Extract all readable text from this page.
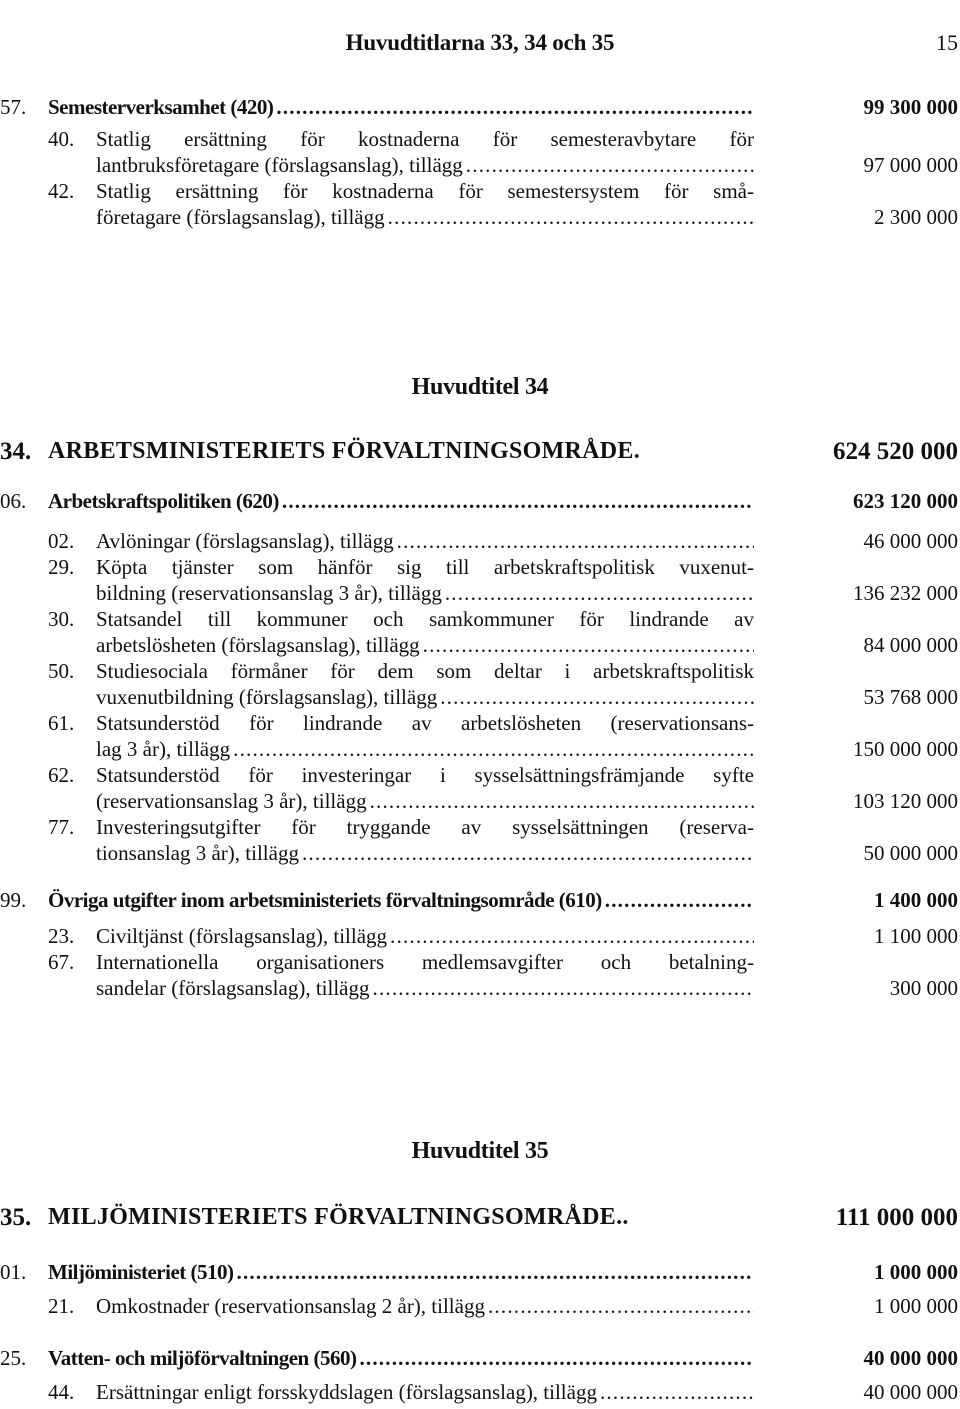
Huvudtitlarna 33, 34 och 35	15
57. Semesterverksamhet (420) .....	99 300 000
40. Statlig ersättning för kostnaderna för semesteravbytare för
lantbruksföretagare (förslagsanslag), tillägg .....	97 000 000
42. Statlig ersättning för kostnaderna för semestersystem för små-
företagare (förslagsanslag), tillägg .....	2 300 000
Huvudtitel 34
34. ARBETSMINISTERIETS FÖRVALTNINGSOMRÅDE.	624 520 000
06. Arbetskraftspolitiken (620) .....	623 120 000
02. Avlöningar (förslagsanslag), tillägg .....	46 000 000
29. Köpta tjänster som hänför sig till arbetskraftspolitisk vuxenut-
bildning (reservationsanslag 3 år), tillägg .....	136 232 000
30. Statsandel till kommuner och samkommuner för lindrande av
arbetslösheten (förslagsanslag), tillägg .....	84 000 000
50. Studiesociala förmåner för dem som deltar i arbetskraftspolitisk
vuxenutbildning (förslagsanslag), tillägg .....	53 768 000
61. Statsunderstöd för lindrande av arbetslösheten (reservationsans-
lag 3 år), tillägg .....	150 000 000
62. Statsunderstöd för investeringar i sysselsättningsfrämjande syfte
(reservationsanslag 3 år), tillägg .....	103 120 000
77. Investeringsutgifter för tryggande av sysselsättningen (reserva-
tionsanslag 3 år), tillägg .....	50 000 000
99. Övriga utgifter inom arbetsministeriets förvaltningsområde (610) .....	1 400 000
23. Civiltjänst (förslagsanslag), tillägg .....	1 100 000
67. Internationella organisationers medlemsavgifter och betalning-
sandelar (förslagsanslag), tillägg .....	300 000
Huvudtitel 35
35. MILJÖMINISTERIETS FÖRVALTNINGSOMRÅDE..	111 000 000
01. Miljöministeriet (510) .....	1 000 000
21. Omkostnader (reservationsanslag 2 år), tillägg .....	1 000 000
25. Vatten- och miljöförvaltningen (560) .....	40 000 000
44. Ersättningar enligt forsskyddslagen (förslagsanslag), tillägg .....	40 000 000
